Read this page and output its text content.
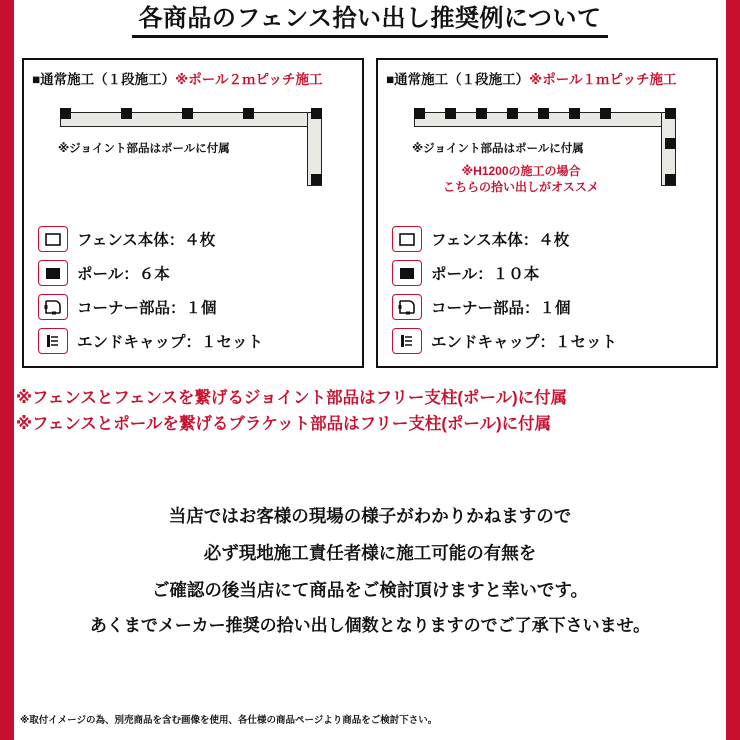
各商品のフェンス拾い出し推奨例について
■通常施工（１段施工）※ポール２ｍピッチ施工
※ジョイント部品はポールに付属
フェンス本体：４枚
ポール：６本
コーナー部品：１個
エンドキャップ：１セット
■通常施工（１段施工）※ポール１ｍピッチ施工
※ジョイント部品はポールに付属
※H1200の施工の場合
こちらの拾い出しがオススメ
フェンス本体：４枚
ポール：１０本
コーナー部品：１個
エンドキャップ：１セット
※フェンスとフェンスを繋げるジョイント部品はフリー支柱(ポール)に付属
※フェンスとポールを繋げるブラケット部品はフリー支柱(ポール)に付属
当店ではお客様の現場の様子がわかりかねますので
必ず現地施工責任者様に施工可能の有無を
ご確認の後当店にて商品をご検討頂けますと幸いです。
あくまでメーカー推奨の拾い出し個数となりますのでご了承下さいませ。
※取付イメージの為、別売商品を含む画像を使用、各仕様の商品ページより商品をご検討下さい。
